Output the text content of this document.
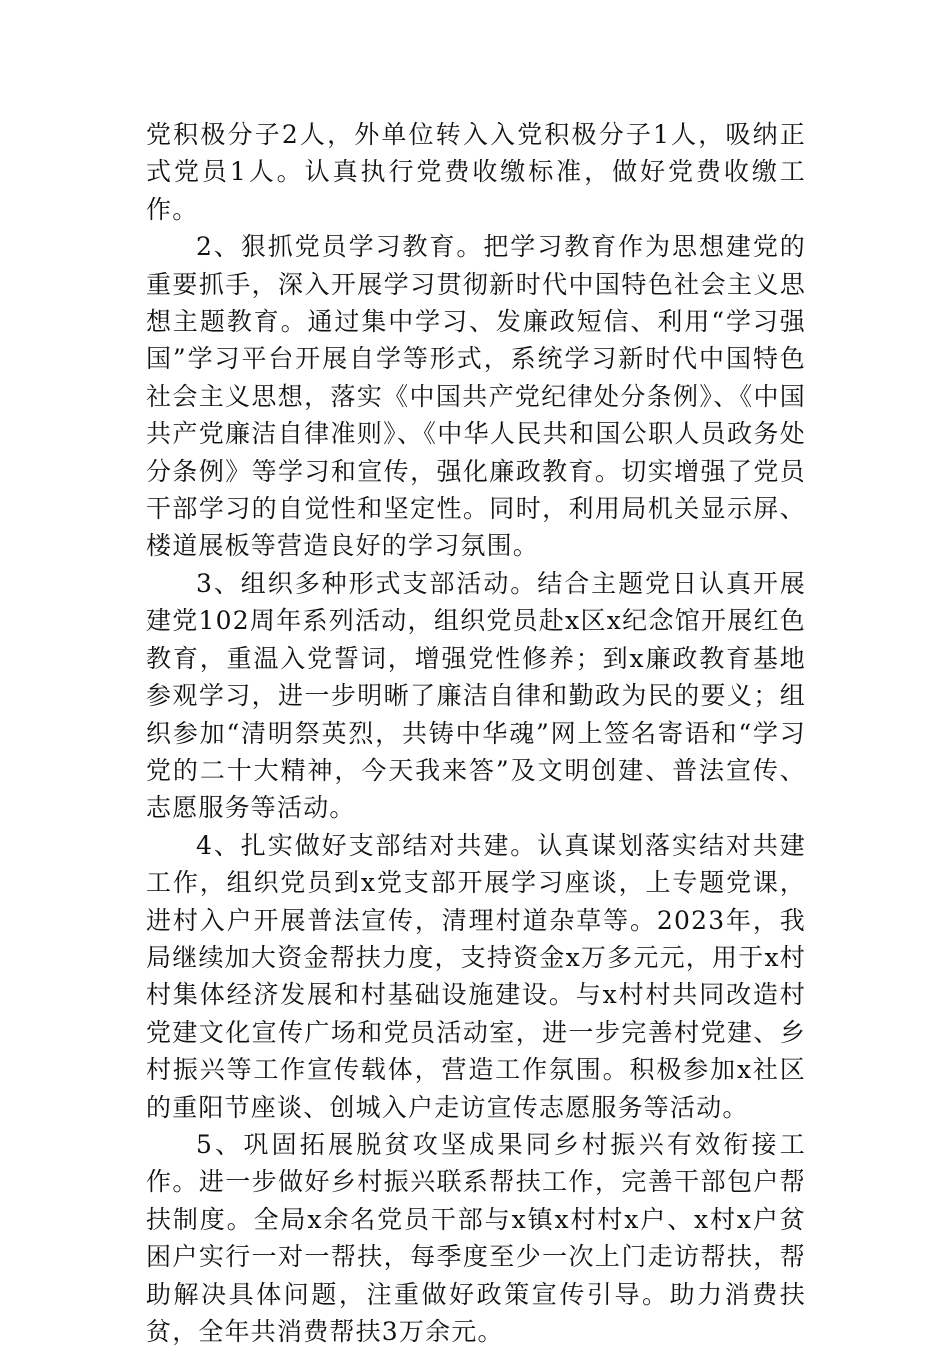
党积极分子2人，外单位转入入党积极分子1人，吸纳正式党员1人。认真执行党费收缴标准，做好党费收缴工作。

2、狠抓党员学习教育。把学习教育作为思想建党的重要抓手，深入开展学习贯彻新时代中国特色社会主义思想主题教育。通过集中学习、发廉政短信、利用“学习强国”学习平台开展自学等形式，系统学习新时代中国特色社会主义思想，落实《中国共产党纪律处分条例》、《中国共产党廉洁自律准则》、《中华人民共和国公职人员政务处分条例》等学习和宣传，强化廉政教育。切实增强了党员干部学习的自觉性和坚定性。同时，利用局机关显示屏、楼道展板等营造良好的学习氛围。

3、组织多种形式支部活动。结合主题党日认真开展建党102周年系列活动，组织党员赴x区x纪念馆开展红色教育，重温入党誓词，增强党性修养；到x廉政教育基地参观学习，进一步明晰了廉洁自律和勤政为民的要义；组织参加“清明祭英烈，共铸中华魂”网上签名寄语和“学习党的二十大精神，今天我来答”及文明创建、普法宣传、志愿服务等活动。

4、扎实做好支部结对共建。认真谋划落实结对共建工作，组织党员到x党支部开展学习座谈，上专题党课，进村入户开展普法宣传，清理村道杂草等。2023年，我局继续加大资金帮扶力度，支持资金x万多元元，用于x村村集体经济发展和村基础设施建设。与x村村共同改造村党建文化宣传广场和党员活动室，进一步完善村党建、乡村振兴等工作宣传载体，营造工作氛围。积极参加x社区的重阳节座谈、创城入户走访宣传志愿服务等活动。

5、巩固拓展脱贫攻坚成果同乡村振兴有效衔接工作。进一步做好乡村振兴联系帮扶工作，完善干部包户帮扶制度。全局x余名党员干部与x镇x村村x户、x村x户贫困户实行一对一帮扶，每季度至少一次上门走访帮扶，帮助解决具体问题，注重做好政策宣传引导。助力消费扶贫，全年共消费帮扶3万余元。
